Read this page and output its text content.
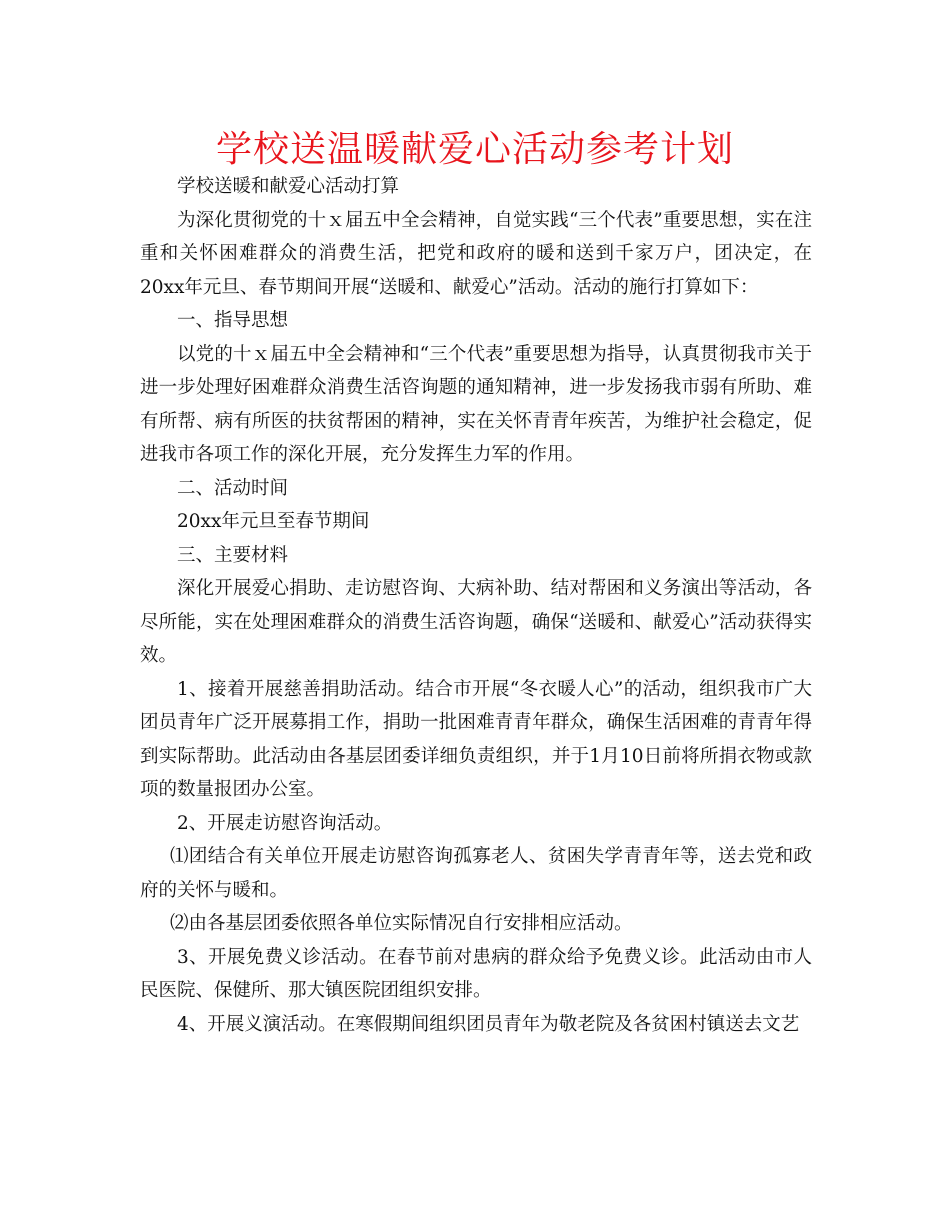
学校送温暖献爱心活动参考计划

学校送暖和献爱心活动打算

为深化贯彻党的十ｘ届五中全会精神，自觉实践“三个代表”重要思想，实在注重和关怀困难群众的消费生活，把党和政府的暖和送到千家万户，团决定，在20xx年元旦、春节期间开展“送暖和、献爱心”活动。活动的施行打算如下：

一、指导思想

以党的十ｘ届五中全会精神和“三个代表”重要思想为指导，认真贯彻我市关于进一步处理好困难群众消费生活咨询题的通知精神，进一步发扬我市弱有所助、难有所帮、病有所医的扶贫帮困的精神，实在关怀青青年疾苦，为维护社会稳定，促进我市各项工作的深化开展，充分发挥生力军的作用。

二、活动时间

20xx年元旦至春节期间

三、主要材料

深化开展爱心捐助、走访慰咨询、大病补助、结对帮困和义务演出等活动，各尽所能，实在处理困难群众的消费生活咨询题，确保“送暖和、献爱心”活动获得实效。

1、接着开展慈善捐助活动。结合市开展“冬衣暖人心”的活动，组织我市广大团员青年广泛开展募捐工作，捐助一批困难青青年群众，确保生活困难的青青年得到实际帮助。此活动由各基层团委详细负责组织，并于1月10日前将所捐衣物或款项的数量报团办公室。

2、开展走访慰咨询活动。

⑴团结合有关单位开展走访慰咨询孤寡老人、贫困失学青青年等，送去党和政府的关怀与暖和。

⑵由各基层团委依照各单位实际情况自行安排相应活动。

3、开展免费义诊活动。在春节前对患病的群众给予免费义诊。此活动由市人民医院、保健所、那大镇医院团组织安排。

4、开展义演活动。在寒假期间组织团员青年为敬老院及各贫困村镇送去文艺
